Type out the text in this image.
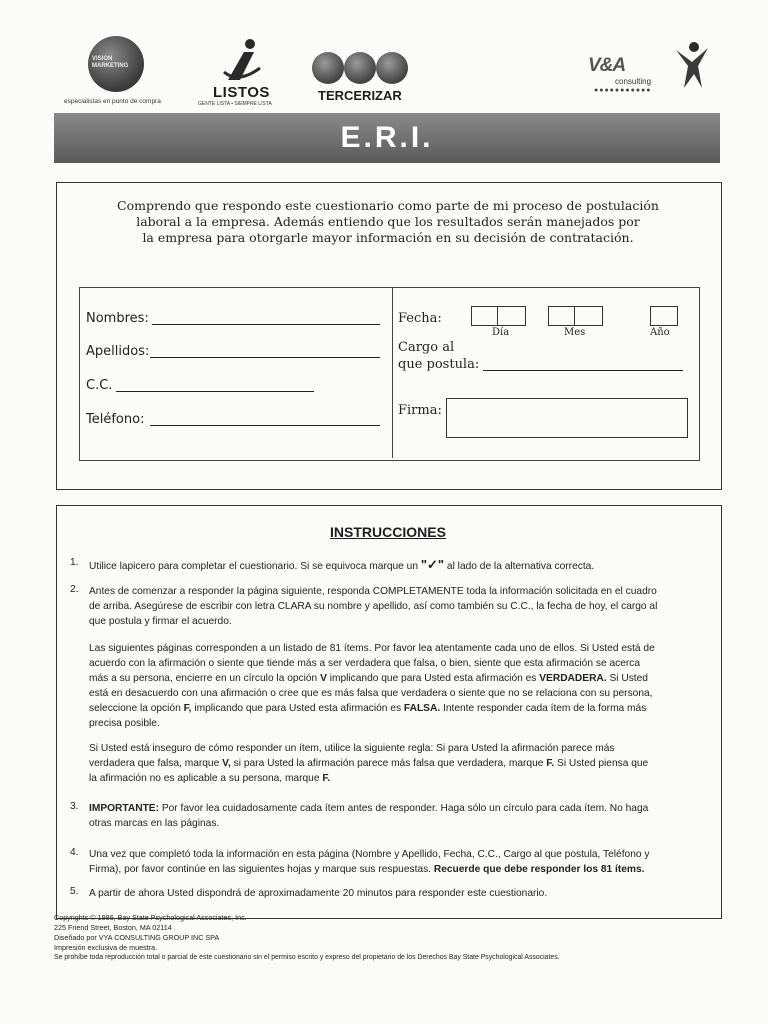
VISION MARKETING
especialistas en punto de compra
LISTOS
GENTE LISTA • SIEMPRE LISTA
TERCERIZAR
V&A
consulting
●●●●●●●●●●●
E.R.I.
Comprendo que respondo este cuestionario como parte de mi proceso de postulación
laboral a la empresa. Además entiendo que los resultados serán manejados por
la empresa para otorgarle mayor información en su decisión de contratación.
Nombres:
Apellidos:
C.C.
Teléfono:
Fecha:
Día	Mes	Año
Cargo al
que postula:
Firma:
INSTRUCCIONES
1. Utilice lapicero para completar el cuestionario. Si se equivoca marque un "✓" al lado de la alternativa correcta.
2. Antes de comenzar a responder la página siguiente, responda COMPLETAMENTE toda la información solicitada en el cuadro
de arriba. Asegúrese de escribir con letra CLARA su nombre y apellido, así como también su C.C., la fecha de hoy, el cargo al
que postula y firmar el acuerdo.
Las siguientes páginas corresponden a un listado de 81 ítems. Por favor lea atentamente cada uno de ellos. Si Usted está de
acuerdo con la afirmación o siente que tiende más a ser verdadera que falsa, o bien, siente que esta afirmación se acerca
más a su persona, encierre en un círculo la opción V implicando que para Usted esta afirmación es VERDADERA. Si Usted
está en desacuerdo con una afirmación o cree que es más falsa que verdadera o siente que no se relaciona con su persona,
seleccione la opción F, implicando que para Usted esta afirmación es FALSA. Intente responder cada ítem de la forma más
precisa posible.
Si Usted está inseguro de cómo responder un ítem, utilice la siguiente regla: Si para Usted la afirmación parece más
verdadera que falsa, marque V, si para Usted la afirmación parece más falsa que verdadera, marque F. Si Usted piensa que
la afirmación no es aplicable a su persona, marque F.
3. IMPORTANTE: Por favor lea cuidadosamente cada ítem antes de responder. Haga sólo un círculo para cada ítem. No haga
otras marcas en las páginas.
4. Una vez que completó toda la información en esta página (Nombre y Apellido, Fecha, C.C., Cargo al que postula, Teléfono y
Firma), por favor continúe en las siguientes hojas y marque sus respuestas. Recuerde que debe responder los 81 ítems.
5. A partir de ahora Usted dispondrá de aproximadamente 20 minutos para responder este cuestionario.
Copyrights © 1986, Bay State Psychological Associates, Inc.
225 Friend Street, Boston, MA 02114
Diseñado por VYA CONSULTING GROUP INC SPA
Impresión exclusiva de muestra.
Se prohíbe toda reproducción total o parcial de este cuestionario sin el permiso escrito y expreso del propietario de los Derechos Bay State Psychological Associates.
